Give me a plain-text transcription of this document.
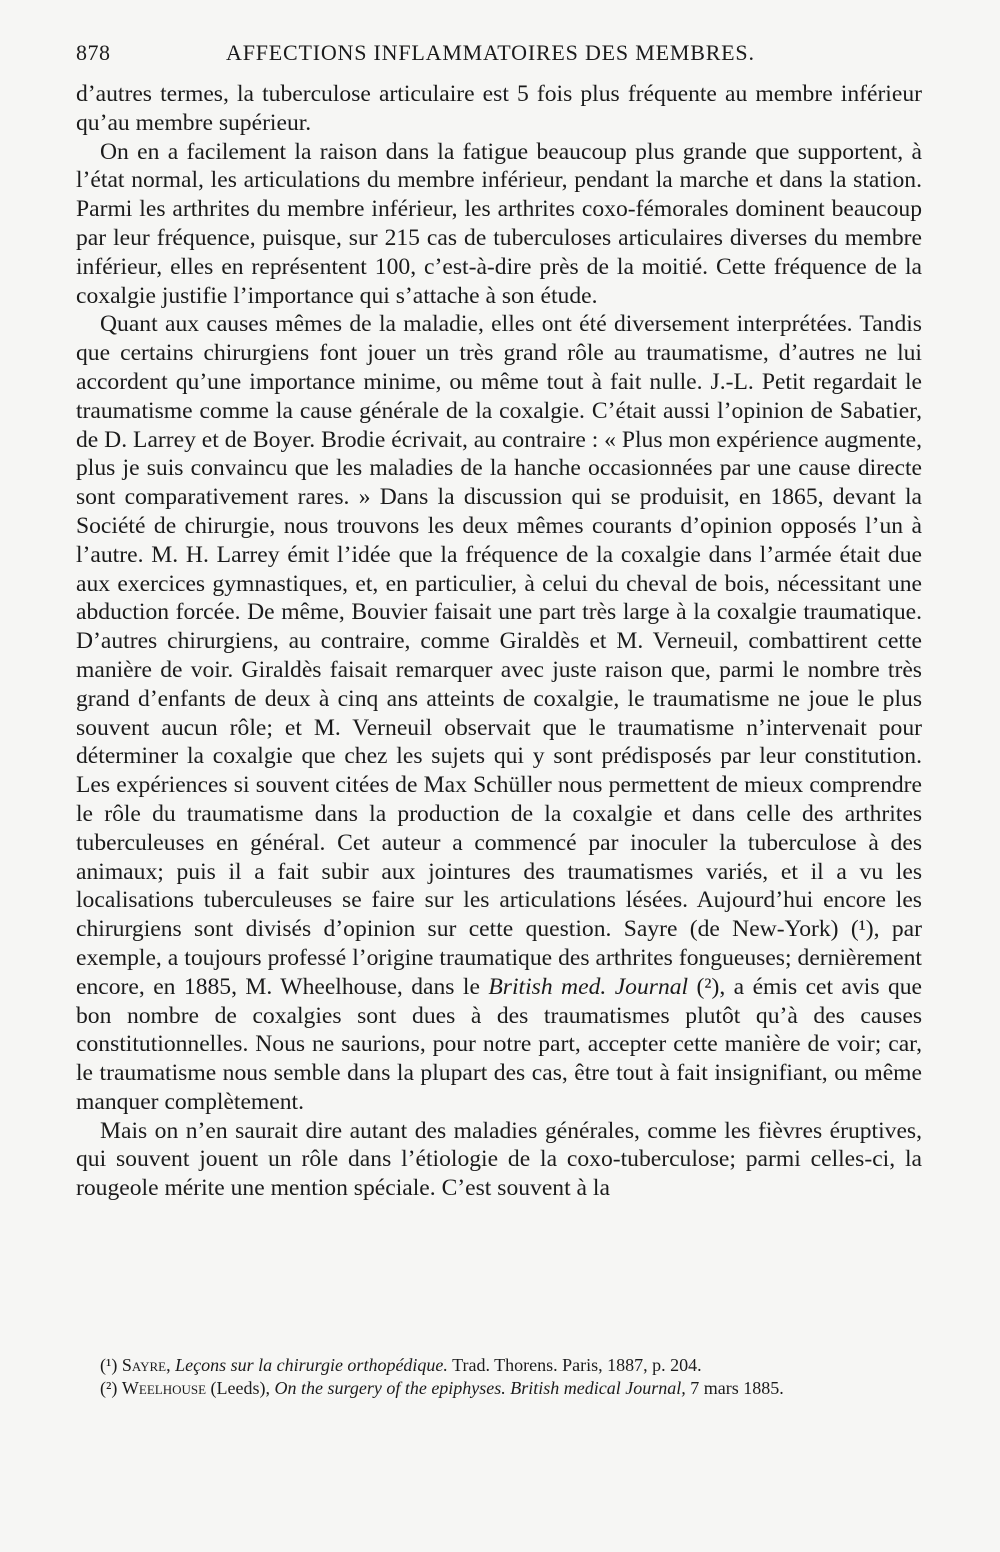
878	AFFECTIONS INFLAMMATOIRES DES MEMBRES.

d’autres termes, la tuberculose articulaire est 5 fois plus fréquente au membre inférieur qu’au membre supérieur.

On en a facilement la raison dans la fatigue beaucoup plus grande que supportent, à l’état normal, les articulations du membre inférieur, pendant la marche et dans la station. Parmi les arthrites du membre inférieur, les arthrites coxo-fémorales dominent beaucoup par leur fréquence, puisque, sur 215 cas de tuberculoses articulaires diverses du membre inférieur, elles en représentent 100, c’est-à-dire près de la moitié. Cette fréquence de la coxalgie justifie l’importance qui s’attache à son étude.

Quant aux causes mêmes de la maladie, elles ont été diversement interprétées. Tandis que certains chirurgiens font jouer un très grand rôle au traumatisme, d’autres ne lui accordent qu’une importance minime, ou même tout à fait nulle. J.-L. Petit regardait le traumatisme comme la cause générale de la coxalgie. C’était aussi l’opinion de Sabatier, de D. Larrey et de Boyer. Brodie écrivait, au contraire : « Plus mon expérience augmente, plus je suis convaincu que les maladies de la hanche occasionnées par une cause directe sont comparativement rares. » Dans la discussion qui se produisit, en 1865, devant la Société de chirurgie, nous trouvons les deux mêmes courants d’opinion opposés l’un à l’autre. M. H. Larrey émit l’idée que la fréquence de la coxalgie dans l’armée était due aux exercices gymnastiques, et, en particulier, à celui du cheval de bois, nécessitant une abduction forcée. De même, Bouvier faisait une part très large à la coxalgie traumatique. D’autres chirurgiens, au contraire, comme Giraldès et M. Verneuil, combattirent cette manière de voir. Giraldès faisait remarquer avec juste raison que, parmi le nombre très grand d’enfants de deux à cinq ans atteints de coxalgie, le traumatisme ne joue le plus souvent aucun rôle; et M. Verneuil observait que le traumatisme n’intervenait pour déterminer la coxalgie que chez les sujets qui y sont prédisposés par leur constitution. Les expériences si souvent citées de Max Schüller nous permettent de mieux comprendre le rôle du traumatisme dans la production de la coxalgie et dans celle des arthrites tuberculeuses en général. Cet auteur a commencé par inoculer la tuberculose à des animaux; puis il a fait subir aux jointures des traumatismes variés, et il a vu les localisations tuberculeuses se faire sur les articulations lésées. Aujourd’hui encore les chirurgiens sont divisés d’opinion sur cette question. Sayre (de New-York) (¹), par exemple, a toujours professé l’origine traumatique des arthrites fongueuses; dernièrement encore, en 1885, M. Wheelhouse, dans le British med. Journal (²), a émis cet avis que bon nombre de coxalgies sont dues à des traumatismes plutôt qu’à des causes constitutionnelles. Nous ne saurions, pour notre part, accepter cette manière de voir; car, le traumatisme nous semble dans la plupart des cas, être tout à fait insignifiant, ou même manquer complètement.

Mais on n’en saurait dire autant des maladies générales, comme les fièvres éruptives, qui souvent jouent un rôle dans l’étiologie de la coxo-tuberculose; parmi celles-ci, la rougeole mérite une mention spéciale. C’est souvent à la

(¹) Sayre, Leçons sur la chirurgie orthopédique. Trad. Thorens. Paris, 1887, p. 204.

(²) Weelhouse (Leeds), On the surgery of the epiphyses. British medical Journal, 7 mars 1885.
